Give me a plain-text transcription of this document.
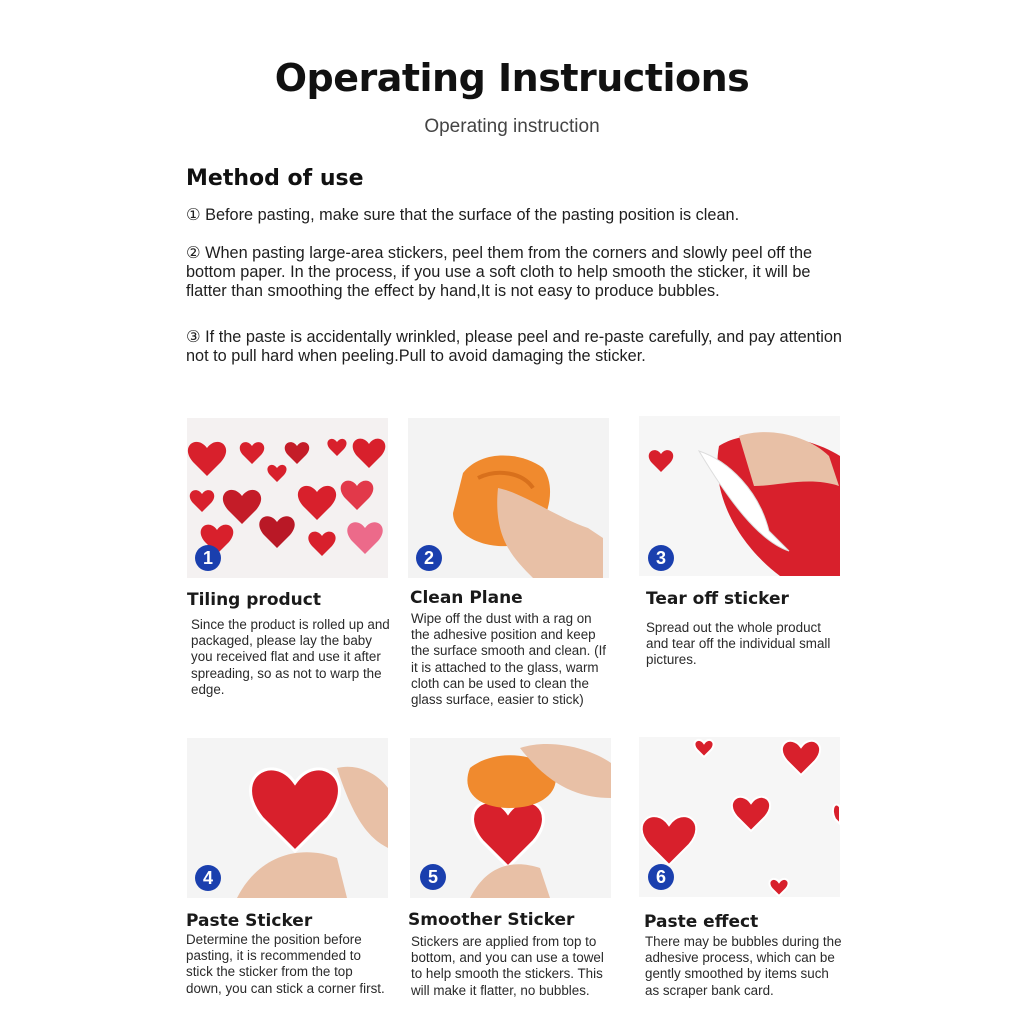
Operating Instructions
Operating instruction
Method of use
① Before pasting, make sure that the surface of the pasting position is clean.
② When pasting large-area stickers, peel them from the corners and slowly peel off the bottom paper. In the process, if you use a soft cloth to help smooth the sticker, it will be flatter than smoothing the effect by hand,It is not easy to produce bubbles.
③ If the paste is accidentally wrinkled, please peel and re-paste carefully, and pay attention not to pull hard when peeling.Pull to avoid damaging the sticker.
1	2	3
4	5	6
Tiling product
Since the product is rolled up and packaged, please lay the baby you received flat and use it after spreading, so as not to warp the edge.
Clean Plane
Wipe off the dust with a rag on the adhesive position and keep the surface smooth and clean. (If it is attached to the glass, warm cloth can be used to clean the glass surface, easier to stick)
Tear off sticker
Spread out the whole product and tear off the individual small pictures.
Paste Sticker
Determine the position before pasting, it is recommended to stick the sticker from the top down, you can stick a corner first.
Smoother Sticker
Stickers are applied from top to bottom, and you can use a towel to help smooth the stickers. This will make it flatter, no bubbles.
Paste effect
There may be bubbles during the adhesive process, which can be gently smoothed by items such as scraper bank card.
